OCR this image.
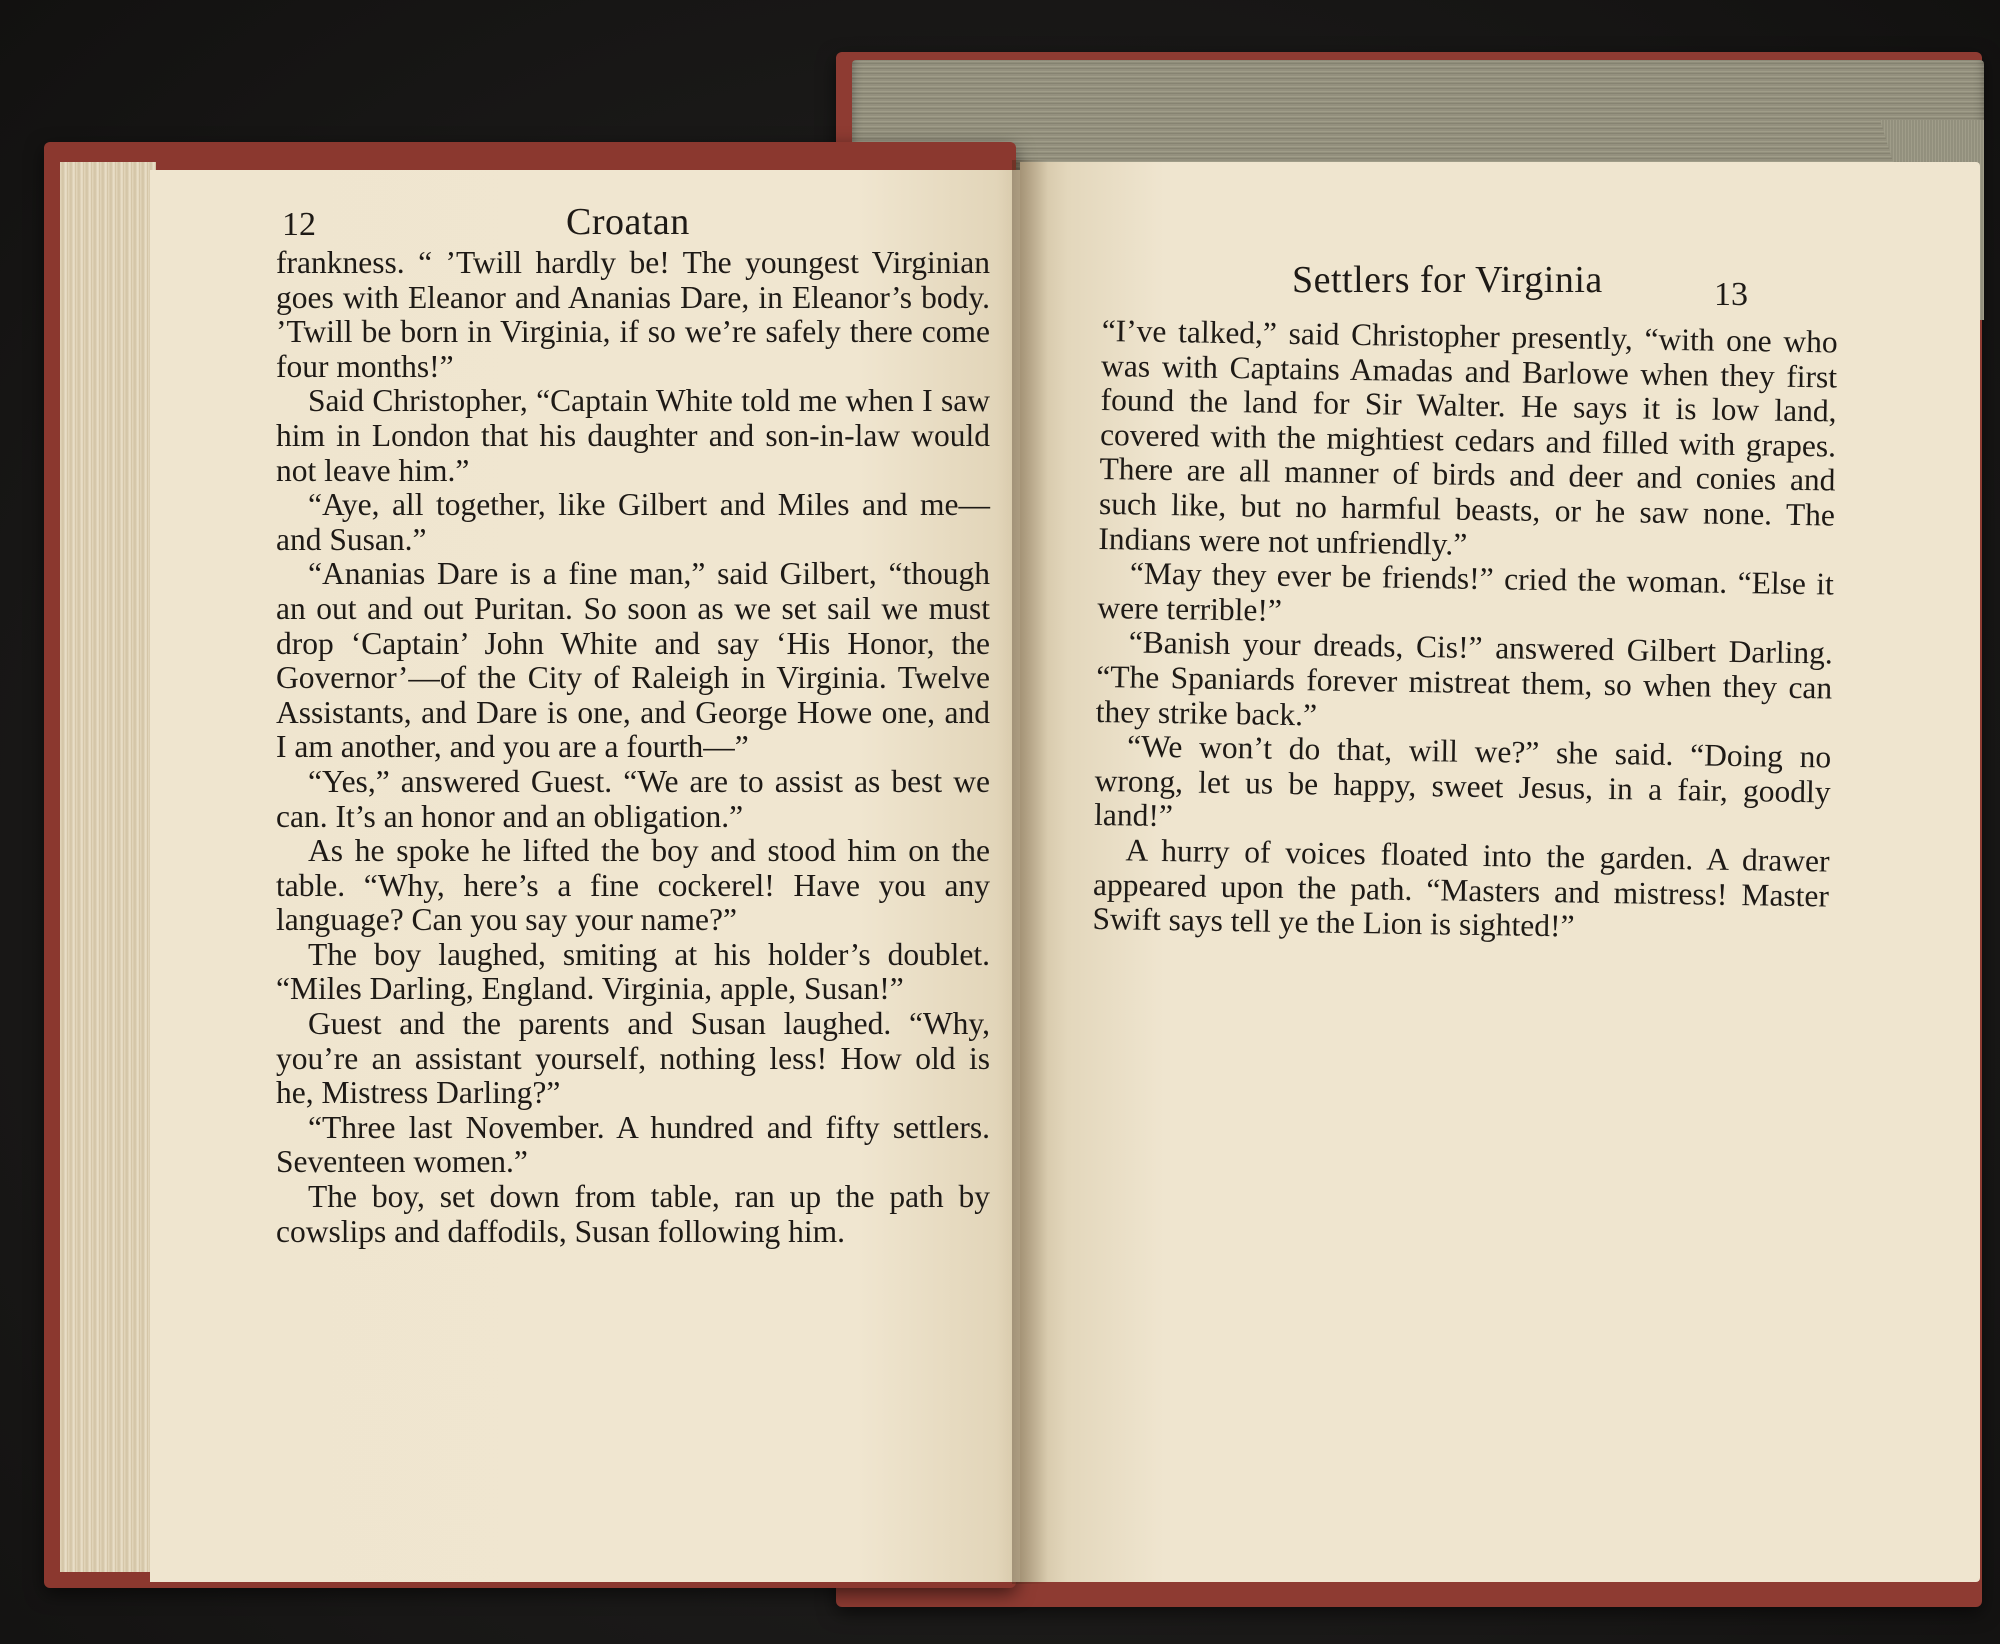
12	Croatan

frankness. “ ’Twill hardly be! The youngest Virginian goes with Eleanor and Ananias Dare, in Eleanor’s body. ’Twill be born in Virginia, if so we’re safely there come four months!”

Said Christopher, “Captain White told me when I saw him in London that his daughter and son-in-law would not leave him.”

“Aye, all together, like Gilbert and Miles and me—and Susan.”

“Ananias Dare is a fine man,” said Gilbert, “though an out and out Puritan. So soon as we set sail we must drop ‘Captain’ John White and say ‘His Honor, the Governor’—of the City of Raleigh in Virginia. Twelve Assistants, and Dare is one, and George Howe one, and I am another, and you are a fourth—”

“Yes,” answered Guest. “We are to assist as best we can. It’s an honor and an obligation.”

As he spoke he lifted the boy and stood him on the table. “Why, here’s a fine cockerel! Have you any language? Can you say your name?”

The boy laughed, smiting at his holder’s doublet. “Miles Darling, England. Virginia, apple, Susan!”

Guest and the parents and Susan laughed. “Why, you’re an assistant yourself, nothing less! How old is he, Mistress Darling?”

“Three last November. A hundred and fifty settlers. Seventeen women.”

The boy, set down from table, ran up the path by cowslips and daffodils, Susan following him.

Settlers for Virginia	13

“I’ve talked,” said Christopher presently, “with one who was with Captains Amadas and Barlowe when they first found the land for Sir Walter. He says it is low land, covered with the mightiest cedars and filled with grapes. There are all manner of birds and deer and conies and such like, but no harmful beasts, or he saw none. The Indians were not unfriendly.”

“May they ever be friends!” cried the woman. “Else it were terrible!”

“Banish your dreads, Cis!” answered Gilbert Darling. “The Spaniards forever mistreat them, so when they can they strike back.”

“We won’t do that, will we?” she said. “Doing no wrong, let us be happy, sweet Jesus, in a fair, goodly land!”

A hurry of voices floated into the garden. A drawer appeared upon the path. “Masters and mistress! Master Swift says tell ye the Lion is sighted!”
